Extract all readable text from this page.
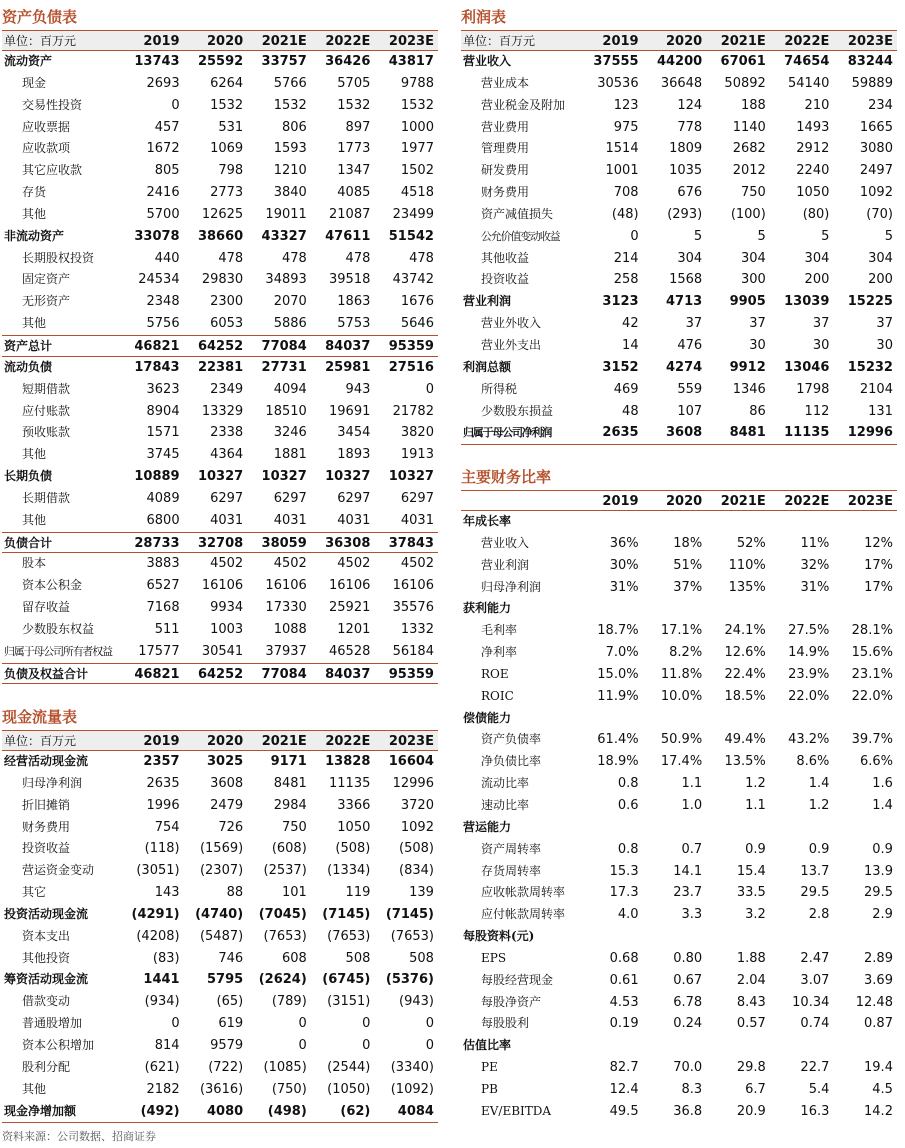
资产负债表
单位：百万元	2019	2020	2021E	2022E	2023E
流动资产	13743	25592	33757	36426	43817
现金	2693	6264	5766	5705	9788
交易性投资	0	1532	1532	1532	1532
应收票据	457	531	806	897	1000
应收款项	1672	1069	1593	1773	1977
其它应收款	805	798	1210	1347	1502
存货	2416	2773	3840	4085	4518
其他	5700	12625	19011	21087	23499
非流动资产	33078	38660	43327	47611	51542
长期股权投资	440	478	478	478	478
固定资产	24534	29830	34893	39518	43742
无形资产	2348	2300	2070	1863	1676
其他	5756	6053	5886	5753	5646
资产总计	46821	64252	77084	84037	95359
流动负债	17843	22381	27731	25981	27516
短期借款	3623	2349	4094	943	0
应付账款	8904	13329	18510	19691	21782
预收账款	1571	2338	3246	3454	3820
其他	3745	4364	1881	1893	1913
长期负债	10889	10327	10327	10327	10327
长期借款	4089	6297	6297	6297	6297
其他	6800	4031	4031	4031	4031
负债合计	28733	32708	38059	36308	37843
股本	3883	4502	4502	4502	4502
资本公积金	6527	16106	16106	16106	16106
留存收益	7168	9934	17330	25921	35576
少数股东权益	511	1003	1088	1201	1332
归属于母公司所有者权益	17577	30541	37937	46528	56184
负债及权益合计	46821	64252	77084	84037	95359
现金流量表
单位：百万元	2019	2020	2021E	2022E	2023E
经营活动现金流	2357	3025	9171	13828	16604
归母净利润	2635	3608	8481	11135	12996
折旧摊销	1996	2479	2984	3366	3720
财务费用	754	726	750	1050	1092
投资收益	(118)	(1569)	(608)	(508)	(508)
营运资金变动	(3051)	(2307)	(2537)	(1334)	(834)
其它	143	88	101	119	139
投资活动现金流	(4291)	(4740)	(7045)	(7145)	(7145)
资本支出	(4208)	(5487)	(7653)	(7653)	(7653)
其他投资	(83)	746	608	508	508
筹资活动现金流	1441	5795	(2624)	(6745)	(5376)
借款变动	(934)	(65)	(789)	(3151)	(943)
普通股增加	0	619	0	0	0
资本公积增加	814	9579	0	0	0
股利分配	(621)	(722)	(1085)	(2544)	(3340)
其他	2182	(3616)	(750)	(1050)	(1092)
现金净增加额	(492)	4080	(498)	(62)	4084
利润表
单位：百万元	2019	2020	2021E	2022E	2023E
营业收入	37555	44200	67061	74654	83244
营业成本	30536	36648	50892	54140	59889
营业税金及附加	123	124	188	210	234
营业费用	975	778	1140	1493	1665
管理费用	1514	1809	2682	2912	3080
研发费用	1001	1035	2012	2240	2497
财务费用	708	676	750	1050	1092
资产减值损失	(48)	(293)	(100)	(80)	(70)
公允价值变动收益	0	5	5	5	5
其他收益	214	304	304	304	304
投资收益	258	1568	300	200	200
营业利润	3123	4713	9905	13039	15225
营业外收入	42	37	37	37	37
营业外支出	14	476	30	30	30
利润总额	3152	4274	9912	13046	15232
所得税	469	559	1346	1798	2104
少数股东损益	48	107	86	112	131
归属于母公司净利润	2635	3608	8481	11135	12996
主要财务比率
2019	2020	2021E	2022E	2023E
年成长率
营业收入	36%	18%	52%	11%	12%
营业利润	30%	51%	110%	32%	17%
归母净利润	31%	37%	135%	31%	17%
获利能力
毛利率	18.7%	17.1%	24.1%	27.5%	28.1%
净利率	7.0%	8.2%	12.6%	14.9%	15.6%
ROE	15.0%	11.8%	22.4%	23.9%	23.1%
ROIC	11.9%	10.0%	18.5%	22.0%	22.0%
偿债能力
资产负债率	61.4%	50.9%	49.4%	43.2%	39.7%
净负债比率	18.9%	17.4%	13.5%	8.6%	6.6%
流动比率	0.8	1.1	1.2	1.4	1.6
速动比率	0.6	1.0	1.1	1.2	1.4
营运能力
资产周转率	0.8	0.7	0.9	0.9	0.9
存货周转率	15.3	14.1	15.4	13.7	13.9
应收帐款周转率	17.3	23.7	33.5	29.5	29.5
应付帐款周转率	4.0	3.3	3.2	2.8	2.9
每股资料(元)
EPS	0.68	0.80	1.88	2.47	2.89
每股经营现金	0.61	0.67	2.04	3.07	3.69
每股净资产	4.53	6.78	8.43	10.34	12.48
每股股利	0.19	0.24	0.57	0.74	0.87
估值比率
PE	82.7	70.0	29.8	22.7	19.4
PB	12.4	8.3	6.7	5.4	4.5
EV/EBITDA	49.5	36.8	20.9	16.3	14.2
资料来源：公司数据、招商证券
